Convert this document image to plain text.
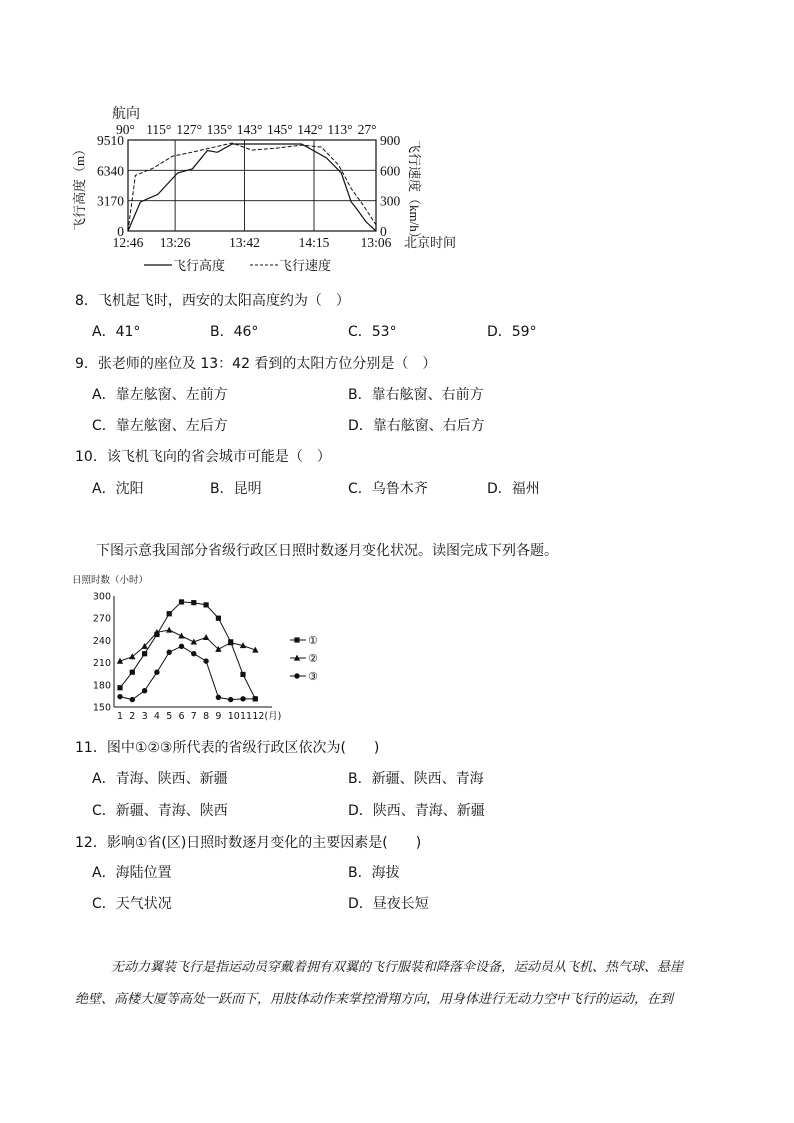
航向
90° 115° 127° 135° 143° 145° 142° 113° 27°
9510
6340
3170
0
900
600
300
0
12:46 13:26	13:42	14:15 13:06 北京时间
飞行高度（m）	飞行速度（km/h）
飞行高度	飞行速度
8．飞机起飞时，西安的太阳高度约为（　）
A．41°	B．46°	C．53°	D．59°
9．张老师的座位及 13：42 看到的太阳方位分别是（　）
A．靠左舷窗、左前方	B．靠右舷窗、右前方
C．靠左舷窗、左后方	D．靠右舷窗、右后方
10．该飞机飞向的省会城市可能是（　）
A．沈阳	B．昆明	C．乌鲁木齐	D．福州
下图示意我国部分省级行政区日照时数逐月变化状况。读图完成下列各题。
日照时数（小时）
300
270
240
210
180
150
1 2 3 4 5 6 7 8 9 10 11 12(月)
①
②
③
11．图中①②③所代表的省级行政区依次为(　　)
A．青海、陕西、新疆	B．新疆、陕西、青海
C．新疆、青海、陕西	D．陕西、青海、新疆
12．影响①省(区)日照时数逐月变化的主要因素是(　　)
A．海陆位置	B．海拔
C．天气状况	D．昼夜长短
无动力翼装飞行是指运动员穿戴着拥有双翼的飞行服装和降落伞设备，运动员从飞机、热气球、悬崖
绝壁、高楼大厦等高处一跃而下，用肢体动作来掌控滑翔方向，用身体进行无动力空中飞行的运动，在到
